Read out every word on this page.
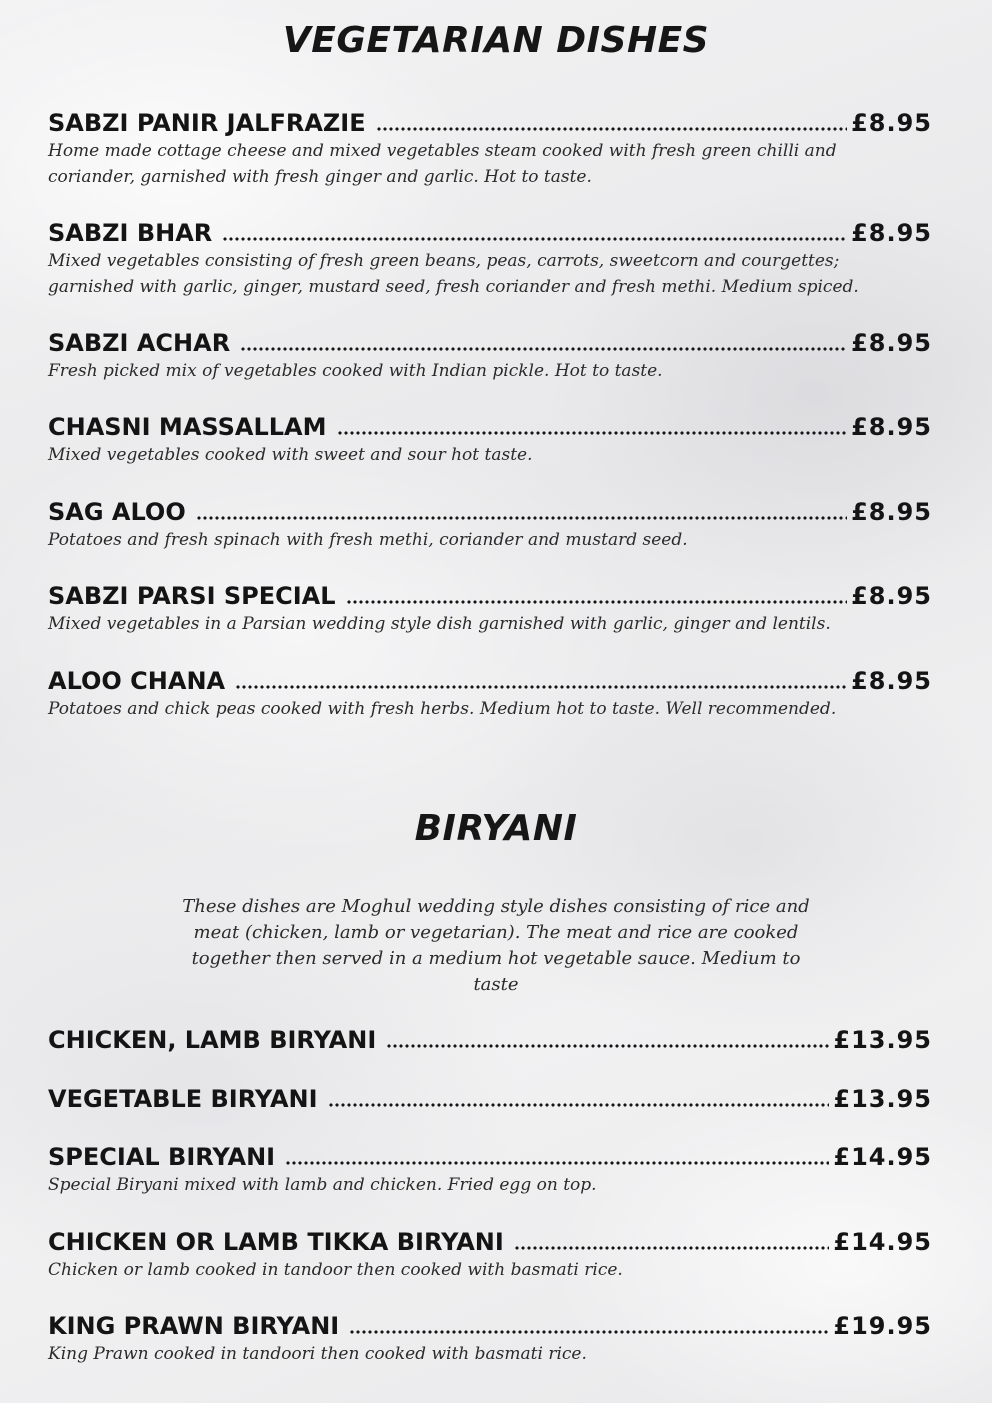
VEGETARIAN DISHES
SABZI PANIR JALFRAZIE	£8.95

Home made cottage cheese and mixed vegetables steam cooked with fresh green chilli and coriander, garnished with fresh ginger and garlic. Hot to taste.

SABZI BHAR	£8.95

Mixed vegetables consisting of fresh green beans, peas, carrots, sweetcorn and courgettes; garnished with garlic, ginger, mustard seed, fresh coriander and fresh methi. Medium spiced.

SABZI ACHAR	£8.95

Fresh picked mix of vegetables cooked with Indian pickle. Hot to taste.

CHASNI MASSALLAM	£8.95

Mixed vegetables cooked with sweet and sour hot taste.

SAG ALOO	£8.95

Potatoes and fresh spinach with fresh methi, coriander and mustard seed.

SABZI PARSI SPECIAL	£8.95

Mixed vegetables in a Parsian wedding style dish garnished with garlic, ginger and lentils.

ALOO CHANA	£8.95

Potatoes and chick peas cooked with fresh herbs. Medium hot to taste. Well recommended.

BIRYANI

These dishes are Moghul wedding style dishes consisting of rice and meat (chicken, lamb or vegetarian). The meat and rice are cooked together then served in a medium hot vegetable sauce. Medium to taste

CHICKEN, LAMB BIRYANI	£13.95
VEGETABLE BIRYANI	£13.95
SPECIAL BIRYANI	£14.95

Special Biryani mixed with lamb and chicken. Fried egg on top.

CHICKEN OR LAMB TIKKA BIRYANI	£14.95

Chicken or lamb cooked in tandoor then cooked with basmati rice.

KING PRAWN BIRYANI	£19.95

King Prawn cooked in tandoori then cooked with basmati rice.
